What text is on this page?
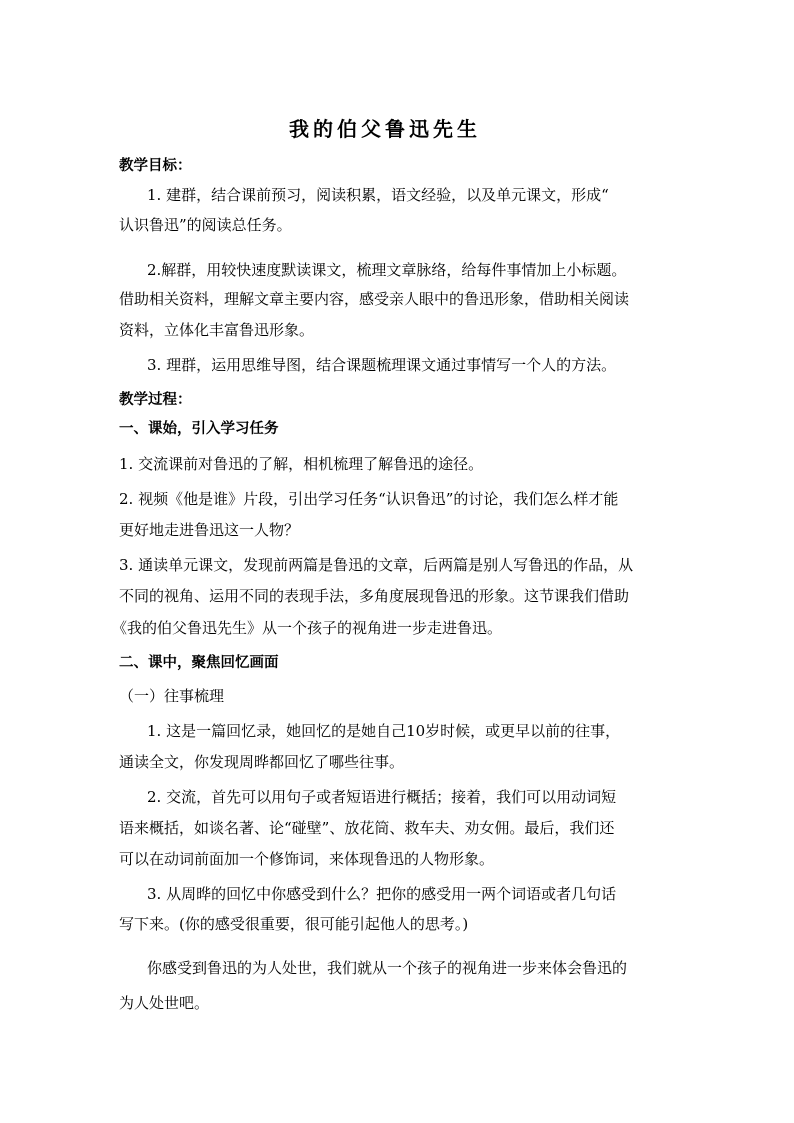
我的伯父鲁迅先生
教学目标：
1. 建群，结合课前预习，阅读积累，语文经验，以及单元课文，形成“
认识鲁迅”的阅读总任务。
2.解群，用较快速度默读课文，梳理文章脉络，给每件事情加上小标题。
借助相关资料，理解文章主要内容，感受亲人眼中的鲁迅形象，借助相关阅读
资料，立体化丰富鲁迅形象。
3. 理群，运用思维导图，结合课题梳理课文通过事情写一个人的方法。
教学过程：
一、课始，引入学习任务
1. 交流课前对鲁迅的了解，相机梳理了解鲁迅的途径。
2. 视频《他是谁》片段，引出学习任务“认识鲁迅”的讨论，我们怎么样才能
更好地走进鲁迅这一人物？
3. 通读单元课文，发现前两篇是鲁迅的文章，后两篇是别人写鲁迅的作品，从
不同的视角、运用不同的表现手法，多角度展现鲁迅的形象。这节课我们借助
《我的伯父鲁迅先生》从一个孩子的视角进一步走进鲁迅。
二、课中，聚焦回忆画面
（一）往事梳理
1. 这是一篇回忆录，她回忆的是她自己10岁时候，或更早以前的往事，
通读全文，你发现周晔都回忆了哪些往事。
2. 交流，首先可以用句子或者短语进行概括；接着，我们可以用动词短
语来概括，如谈名著、论“碰壁”、放花筒、救车夫、劝女佣。最后，我们还
可以在动词前面加一个修饰词，来体现鲁迅的人物形象。
3. 从周晔的回忆中你感受到什么？把你的感受用一两个词语或者几句话
写下来。(你的感受很重要，很可能引起他人的思考。)
你感受到鲁迅的为人处世，我们就从一个孩子的视角进一步来体会鲁迅的
为人处世吧。
